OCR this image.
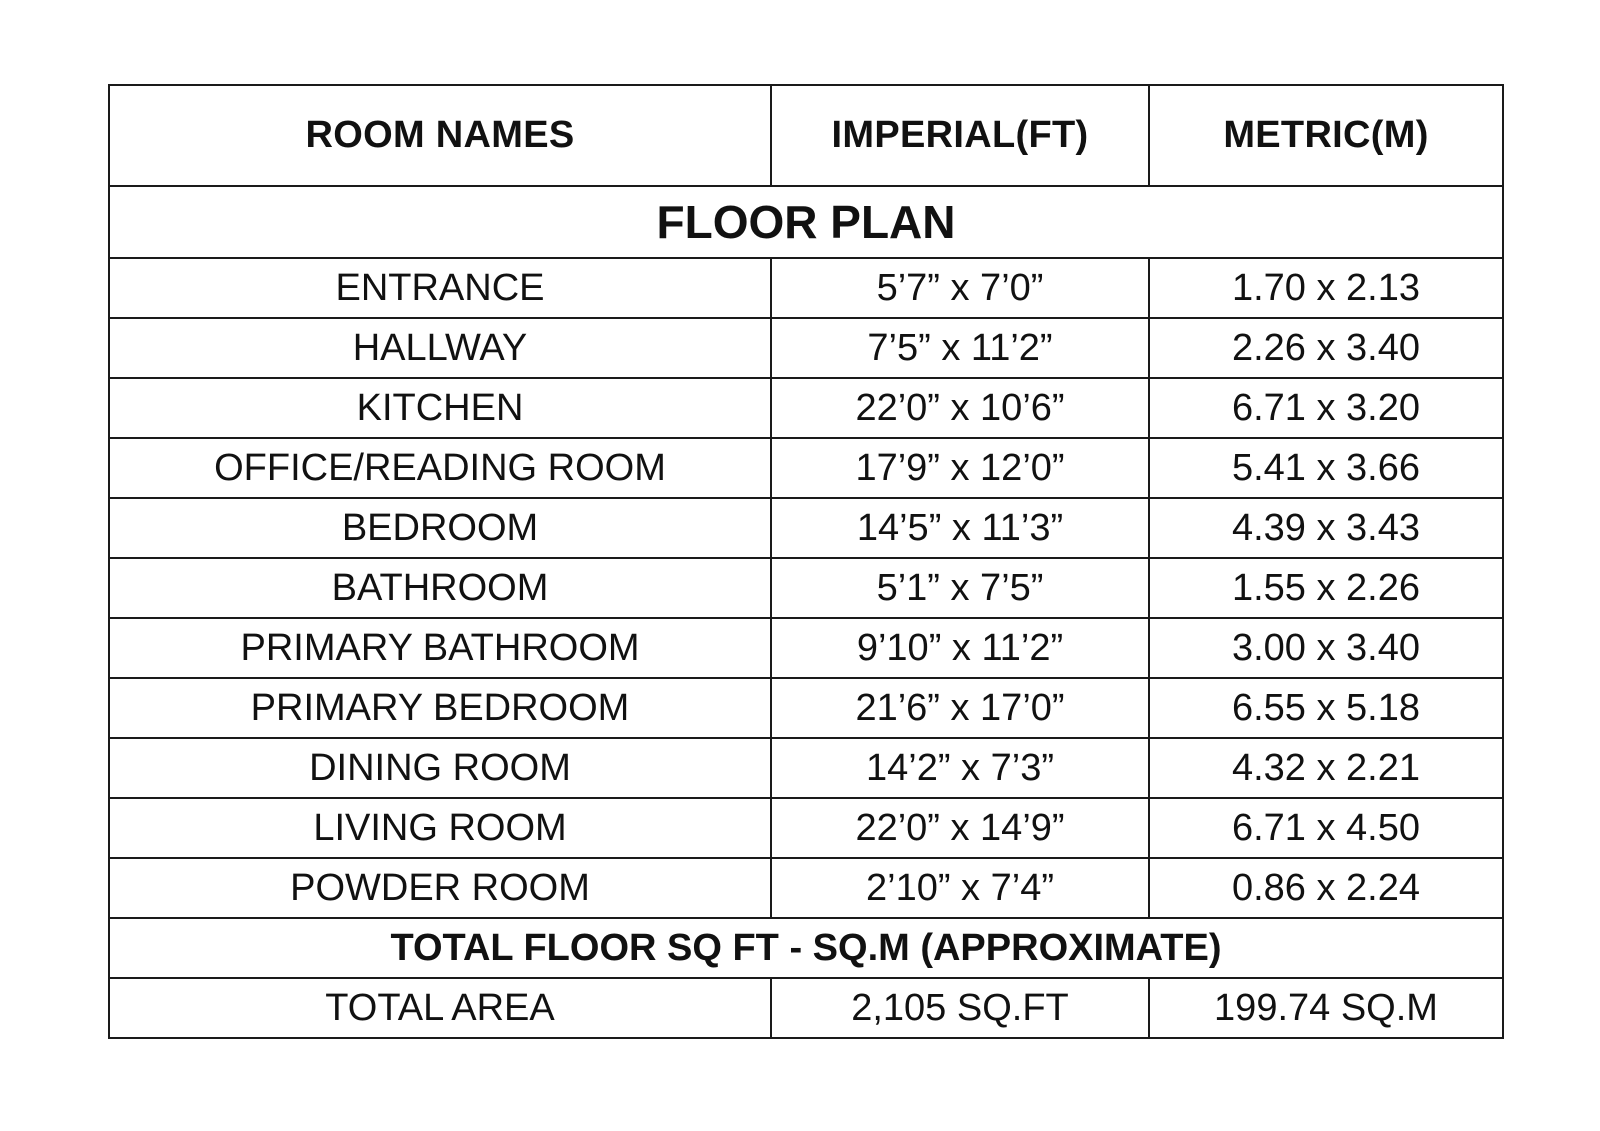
ROOM NAMES	IMPERIAL(FT)	METRIC(M)
FLOOR PLAN		
ENTRANCE	5’7” x 7’0”	1.70 x 2.13
HALLWAY	7’5” x 11’2”	2.26 x 3.40
KITCHEN	22’0” x 10’6”	6.71 x 3.20
OFFICE/READING ROOM	17’9” x 12’0”	5.41 x 3.66
BEDROOM	14’5” x 11’3”	4.39 x 3.43
BATHROOM	5’1” x 7’5”	1.55 x 2.26
PRIMARY BATHROOM	9’10” x 11’2”	3.00 x 3.40
PRIMARY BEDROOM	21’6” x 17’0”	6.55 x 5.18
DINING ROOM	14’2” x 7’3”	4.32 x 2.21
LIVING ROOM	22’0” x 14’9”	6.71 x 4.50
POWDER ROOM	2’10” x 7’4”	0.86 x 2.24
TOTAL FLOOR SQ FT - SQ.M (APPROXIMATE)		
TOTAL AREA	2,105 SQ.FT	199.74 SQ.M
